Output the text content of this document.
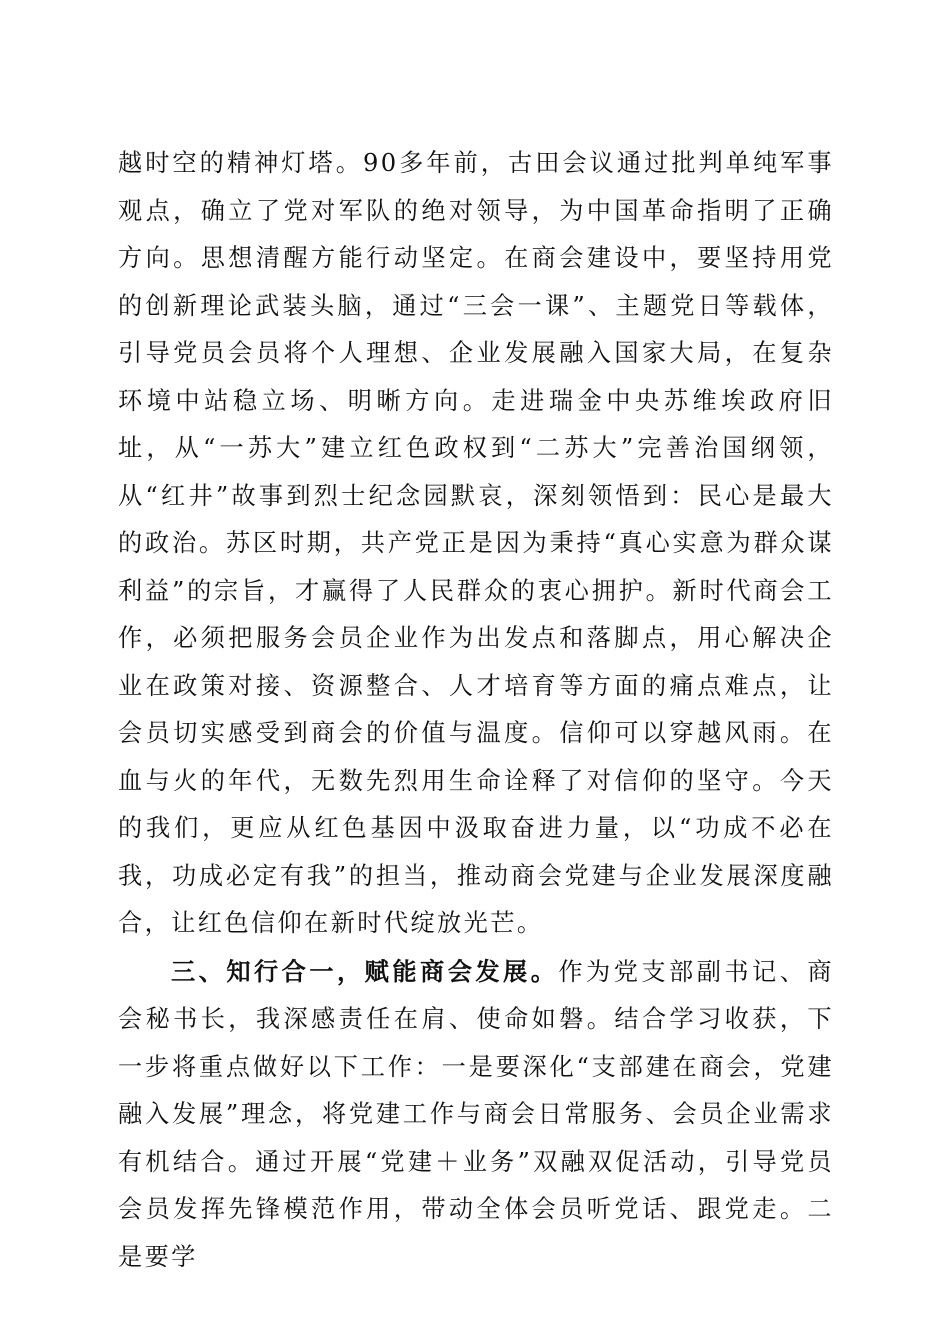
越时空的精神灯塔。90多年前，古田会议通过批判单纯军事观点，确立了党对军队的绝对领导，为中国革命指明了正确方向。思想清醒方能行动坚定。在商会建设中，要坚持用党的创新理论武装头脑，通过“三会一课”、主题党日等载体，引导党员会员将个人理想、企业发展融入国家大局，在复杂环境中站稳立场、明晰方向。走进瑞金中央苏维埃政府旧址，从“一苏大”建立红色政权到“二苏大”完善治国纲领，从“红井”故事到烈士纪念园默哀，深刻领悟到：民心是最大的政治。苏区时期，共产党正是因为秉持“真心实意为群众谋利益”的宗旨，才赢得了人民群众的衷心拥护。新时代商会工作，必须把服务会员企业作为出发点和落脚点，用心解决企业在政策对接、资源整合、人才培育等方面的痛点难点，让会员切实感受到商会的价值与温度。信仰可以穿越风雨。在血与火的年代，无数先烈用生命诠释了对信仰的坚守。今天的我们，更应从红色基因中汲取奋进力量，以“功成不必在我，功成必定有我”的担当，推动商会党建与企业发展深度融合，让红色信仰在新时代绽放光芒。

三、知行合一，赋能商会发展。作为党支部副书记、商会秘书长，我深感责任在肩、使命如磐。结合学习收获，下一步将重点做好以下工作：一是要深化“支部建在商会，党建融入发展”理念，将党建工作与商会日常服务、会员企业需求有机结合。通过开展“党建＋业务”双融双促活动，引导党员会员发挥先锋模范作用，带动全体会员听党话、跟党走。二是要学
